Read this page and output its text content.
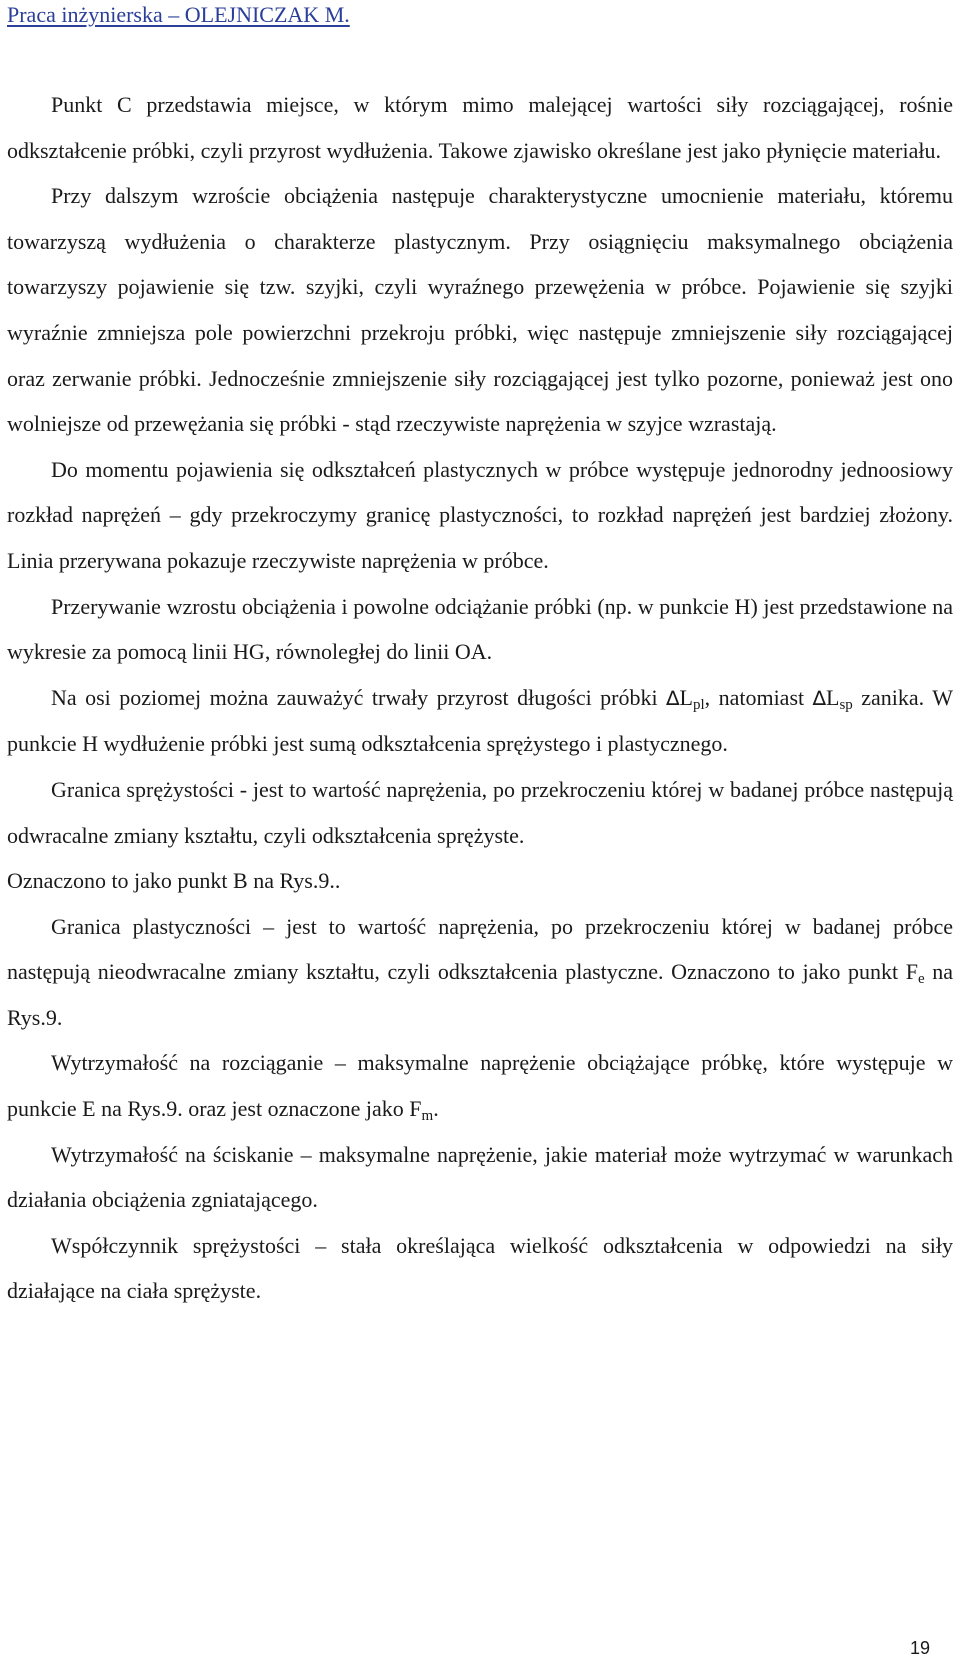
Praca inżynierska – OLEJNICZAK M.

Punkt C przedstawia miejsce, w którym mimo malejącej wartości siły rozciągającej, rośnie odkształcenie próbki, czyli przyrost wydłużenia. Takowe zjawisko określane jest jako płynięcie materiału.

Przy dalszym wzroście obciążenia następuje charakterystyczne umocnienie materiału, któremu towarzyszą wydłużenia o charakterze plastycznym. Przy osiągnięciu maksymalnego obciążenia towarzyszy pojawienie się tzw. szyjki, czyli wyraźnego przewężenia w próbce. Pojawienie się szyjki wyraźnie zmniejsza pole powierzchni przekroju próbki, więc następuje zmniejszenie siły rozciągającej oraz zerwanie próbki. Jednocześnie zmniejszenie siły rozciągającej jest tylko pozorne, ponieważ jest ono wolniejsze od przewężania się próbki - stąd rzeczywiste naprężenia w szyjce wzrastają.

Do momentu pojawienia się odkształceń plastycznych w próbce występuje jednorodny jednoosiowy rozkład naprężeń – gdy przekroczymy granicę plastyczności, to rozkład naprężeń jest bardziej złożony. Linia przerywana pokazuje rzeczywiste naprężenia w próbce.

Przerywanie wzrostu obciążenia i powolne odciążanie próbki (np. w punkcie H) jest przedstawione na wykresie za pomocą linii HG, równoległej do linii OA.

Na osi poziomej można zauważyć trwały przyrost długości próbki $\Delta L_{pl}$, natomiast $\Delta L_{sp}$ zanika. W punkcie H wydłużenie próbki jest sumą odkształcenia sprężystego i plastycznego.

Granica sprężystości - jest to wartość naprężenia, po przekroczeniu której w badanej próbce następują odwracalne zmiany kształtu, czyli odkształcenia sprężyste.

Oznaczono to jako punkt B na Rys.9..

Granica plastyczności – jest to wartość naprężenia, po przekroczeniu której w badanej próbce następują nieodwracalne zmiany kształtu, czyli odkształcenia plastyczne. Oznaczono to jako punkt $F_e$ na Rys.9.

Wytrzymałość na rozciąganie – maksymalne naprężenie obciążające próbkę, które występuje w punkcie E na Rys.9. oraz jest oznaczone jako $F_m$.

Wytrzymałość na ściskanie – maksymalne naprężenie, jakie materiał może wytrzymać w warunkach działania obciążenia zgniatającego.

Współczynnik sprężystości – stała określająca wielkość odkształcenia w odpowiedzi na siły działające na ciała sprężyste.

19
